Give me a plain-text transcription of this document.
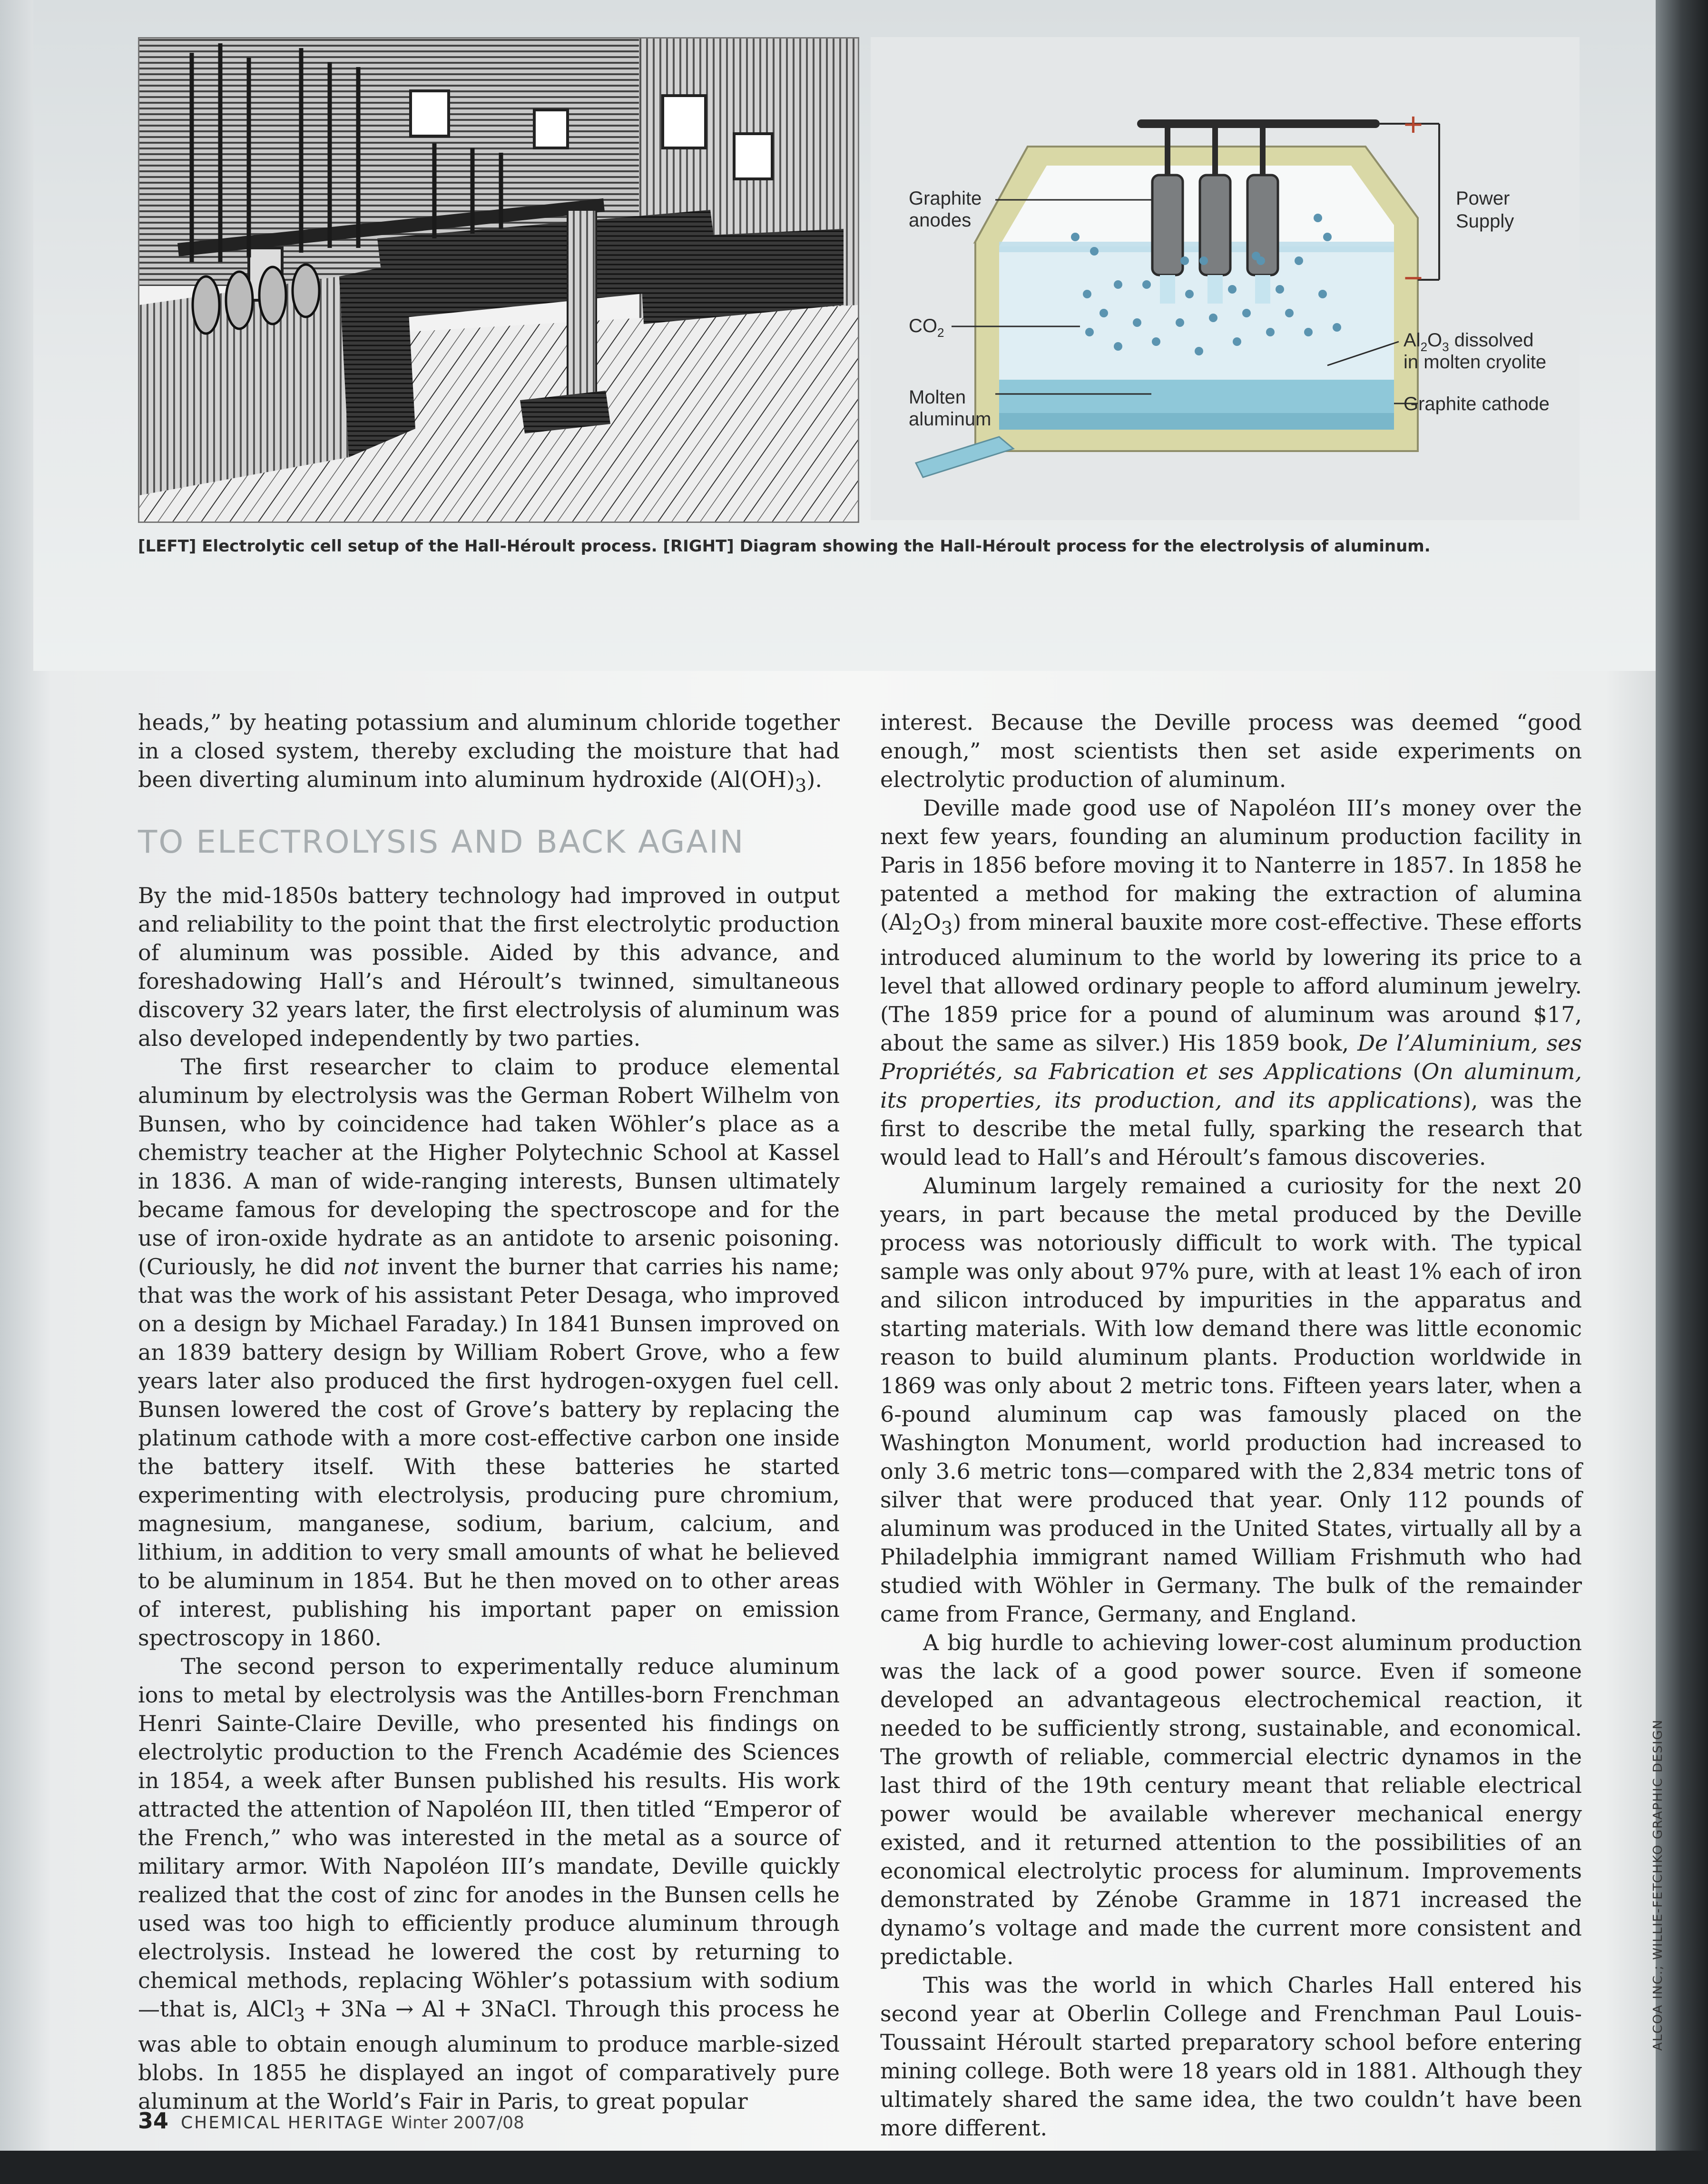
+
−
Power
Supply
Graphite
anodes
$CO_2$
Molten
aluminum
$Al_2O_3$ dissolved
in molten cryolite
Graphite cathode
[LEFT] Electrolytic cell setup of the Hall-Héroult process. [RIGHT] Diagram showing the Hall-Héroult process for the electrolysis of aluminum.

heads,” by heating potassium and aluminum chloride together in a closed system, thereby excluding the moisture that had been diverting aluminum into aluminum hydroxide $(Al(OH)_3)$.

TO ELECTROLYSIS AND BACK AGAIN

By the mid-1850s battery technology had improved in output and reliability to the point that the first electrolytic production of aluminum was possible. Aided by this advance, and foreshadowing Hall’s and Héroult’s twinned, simultaneous discovery 32 years later, the first electrolysis of aluminum was also developed independently by two parties.

The first researcher to claim to produce elemental aluminum by electrolysis was the German Robert Wilhelm von Bunsen, who by coincidence had taken Wöhler’s place as a chemistry teacher at the Higher Polytechnic School at Kassel in 1836. A man of wide-ranging interests, Bunsen ultimately became famous for developing the spectroscope and for the use of iron-oxide hydrate as an antidote to arsenic poisoning. (Curiously, he did not invent the burner that carries his name; that was the work of his assistant Peter Desaga, who improved on a design by Michael Faraday.) In 1841 Bunsen improved on an 1839 battery design by William Robert Grove, who a few years later also produced the first hydrogen-oxygen fuel cell. Bunsen lowered the cost of Grove’s battery by replacing the platinum cathode with a more cost-effective carbon one inside the battery itself. With these batteries he started experimenting with electrolysis, producing pure chromium, magnesium, manganese, sodium, barium, calcium, and lithium, in addition to very small amounts of what he believed to be aluminum in 1854. But he then moved on to other areas of interest, publishing his important paper on emission spectroscopy in 1860.

The second person to experimentally reduce aluminum ions to metal by electrolysis was the Antilles-born Frenchman Henri Sainte-Claire Deville, who presented his findings on electrolytic production to the French Académie des Sciences in 1854, a week after Bunsen published his results. His work attracted the attention of Napoléon III, then titled “Emperor of the French,” who was interested in the metal as a source of military armor. With Napoléon III’s mandate, Deville quickly realized that the cost of zinc for anodes in the Bunsen cells he used was too high to efficiently produce aluminum through electrolysis. Instead he lowered the cost by returning to chemical methods, replacing Wöhler’s potassium with sodium—that is, AlCl$_3$ + 3Na → Al + 3NaCl. Through this process he was able to obtain enough aluminum to produce marble-sized blobs. In 1855 he displayed an ingot of comparatively pure aluminum at the World’s Fair in Paris, to great popular

interest. Because the Deville process was deemed “good enough,” most scientists then set aside experiments on electrolytic production of aluminum.

Deville made good use of Napoléon III’s money over the next few years, founding an aluminum production facility in Paris in 1856 before moving it to Nanterre in 1857. In 1858 he patented a method for making the extraction of alumina $(Al_2O_3)$ from mineral bauxite more cost-effective. These efforts introduced aluminum to the world by lowering its price to a level that allowed ordinary people to afford aluminum jewelry. (The 1859 price for a pound of aluminum was around $17, about the same as silver.) His 1859 book, De l’Aluminium, ses Propriétés, sa Fabrication et ses Applications (On aluminum, its properties, its production, and its applications), was the first to describe the metal fully, sparking the research that would lead to Hall’s and Héroult’s famous discoveries.

Aluminum largely remained a curiosity for the next 20 years, in part because the metal produced by the Deville process was notoriously difficult to work with. The typical sample was only about 97% pure, with at least 1% each of iron and silicon introduced by impurities in the apparatus and starting materials. With low demand there was little economic reason to build aluminum plants. Production worldwide in 1869 was only about 2 metric tons. Fifteen years later, when a 6-pound aluminum cap was famously placed on the Washington Monument, world production had increased to only 3.6 metric tons—compared with the 2,834 metric tons of silver that were produced that year. Only 112 pounds of aluminum was produced in the United States, virtually all by a Philadelphia immigrant named William Frishmuth who had studied with Wöhler in Germany. The bulk of the remainder came from France, Germany, and England.

A big hurdle to achieving lower-cost aluminum production was the lack of a good power source. Even if someone developed an advantageous electrochemical reaction, it needed to be sufficiently strong, sustainable, and economical. The growth of reliable, commercial electric dynamos in the last third of the 19th century meant that reliable electrical power would be available wherever mechanical energy existed, and it returned attention to the possibilities of an economical electrolytic process for aluminum. Improvements demonstrated by Zénobe Gramme in 1871 increased the dynamo’s voltage and made the current more consistent and predictable.

This was the world in which Charles Hall entered his second year at Oberlin College and Frenchman Paul Louis-Toussaint Héroult started preparatory school before entering mining college. Both were 18 years old in 1881. Although they ultimately shared the same idea, the two couldn’t have been more different.

34 CHEMICAL HERITAGE Winter 2007/08
ALCOA INC.; WILLIE-FETCHKO GRAPHIC DESIGN
